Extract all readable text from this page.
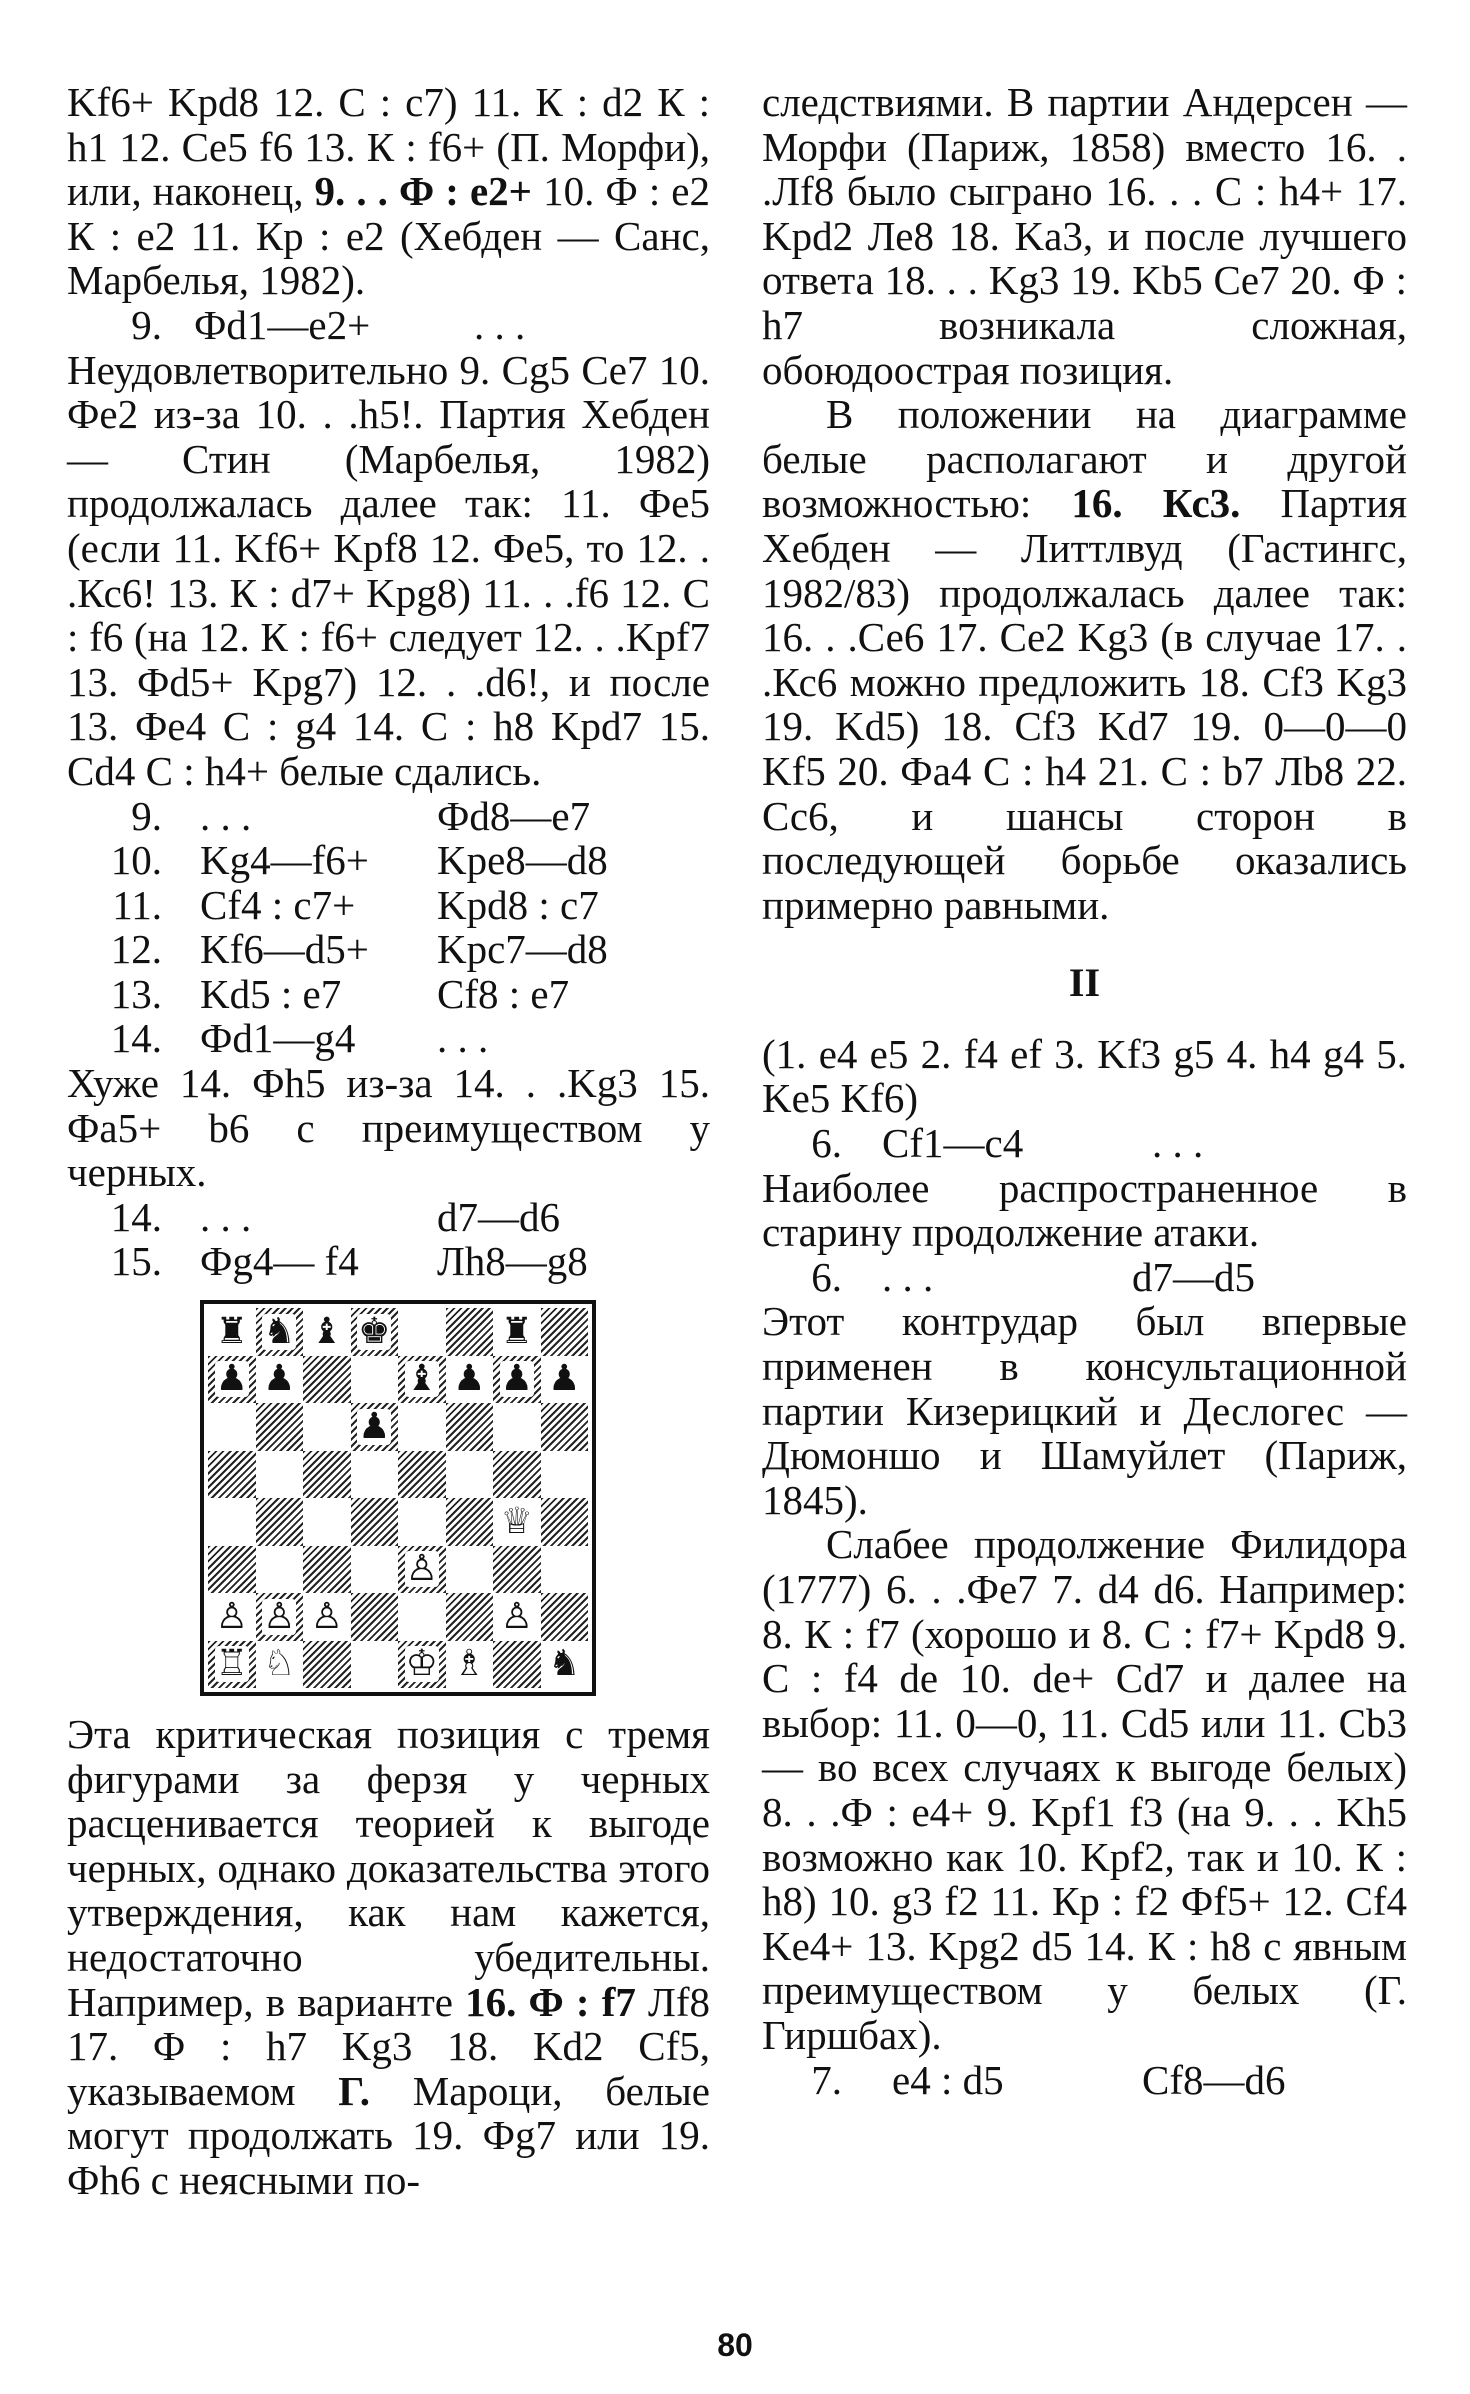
Kf6+ Kpd8 12. С : с7) 11. К : d2 К : h1 12. Ce5 f6 13. К : f6+ (П. Морфи), или, наконец, 9. . . Ф : е2+ 10. Ф : е2 К : е2 11. Кр : е2 (Хебден — Санс, Марбелья, 1982).

9. Фd1—е2+	. . .

Неудовлетворительно 9. Cg5 Ce7 10. Фе2 из-за 10. . .h5!. Партия Хебден — Стин (Марбелья, 1982) продолжалась далее так: 11. Фе5 (если 11. Kf6+ Kpf8 12. Фе5, то 12. . .Кс6! 13. К : d7+ Kpg8) 11. . .f6 12. С : f6 (на 12. К : f6+ следует 12. . .Kpf7 13. Фd5+ Kpg7) 12. . .d6!, и после 13. Фе4 С : g4 14. С : h8 Kpd7 15. Cd4 С : h4+ белые сдались.

9. . . .	Фd8—е7
10. Kg4—f6+	Kpe8—d8
11. Cf4 : с7+	Kpd8 : с7
12. Kf6—d5+	Kpc7—d8
13. Kd5 : e7	Cf8 : e7
14. Фd1—g4	. . .

Хуже 14. Фh5 из-за 14. . .Kg3 15. Фа5+ b6 с преимуществом у черных.

14. . . .	d7—d6
15. Фg4— f4	Лh8—g8
♜ ♞ ♝ ♚	♜
♟ ♟	♝ ♟ ♟ ♟
♟
♕
♙
♙ ♙ ♙	♙
♖ ♘	♔ ♗ ♞

Эта критическая позиция с тремя фигурами за ферзя у черных расценивается теорией к выгоде черных, однако доказательства этого утверждения, как нам кажется, недостаточно убедительны. Например, в варианте 16. Ф : f7 Лf8 17. Ф : h7 Kg3 18. Kd2 Cf5, указываемом Г. Мароци, белые могут продолжать 19. Фg7 или 19. Фh6 с неясными по-

следствиями. В партии Андерсен — Морфи (Париж, 1858) вместо 16. . .Лf8 было сыграно 16. . . С : h4+ 17. Kpd2 Ле8 18. Ka3, и после лучшего ответа 18. . . Kg3 19. Kb5 Ce7 20. Ф : h7 возникала сложная, обоюдоострая позиция.

В положении на диаграмме белые располагают и другой возможностью: 16. Кс3. Партия Хебден — Литтлвуд (Гастингс, 1982/83) продолжалась далее так: 16. . .Се6 17. Ce2 Kg3 (в случае 17. . .Кс6 можно предложить 18. Cf3 Kg3 19. Kd5) 18. Cf3 Kd7 19. 0—0—0 Kf5 20. Фа4 С : h4 21. С : b7 Лb8 22. Сс6, и шансы сторон в последующей борьбе оказались примерно равными.

II

(1. е4 е5 2. f4 ef 3. Kf3 g5 4. h4 g4 5. Ke5 Kf6)

6. Cf1—c4	. . .

Наиболее распространенное в старину продолжение атаки.

6. . . .	d7—d5

Этот контрудар был впервые применен в консультационной партии Кизерицкий и Деслогес — Дюмоншо и Шамуйлет (Париж, 1845).

Слабее продолжение Филидора (1777) 6. . .Фе7 7. d4 d6. Например: 8. К : f7 (хорошо и 8. С : f7+ Kpd8 9. С : f4 de 10. de+ Cd7 и далее на выбор: 11. 0—0, 11. Cd5 или 11. Cb3 — во всех случаях к выгоде белых) 8. . .Ф : е4+ 9. Kpf1 f3 (на 9. . . Kh5 возможно как 10. Kpf2, так и 10. К : h8) 10. g3 f2 11. Кр : f2 Фf5+ 12. Cf4 Ke4+ 13. Kpg2 d5 14. К : h8 с явным преимуществом у белых (Г. Гиршбах).

7.	e4 : d5	Cf8—d6
80
